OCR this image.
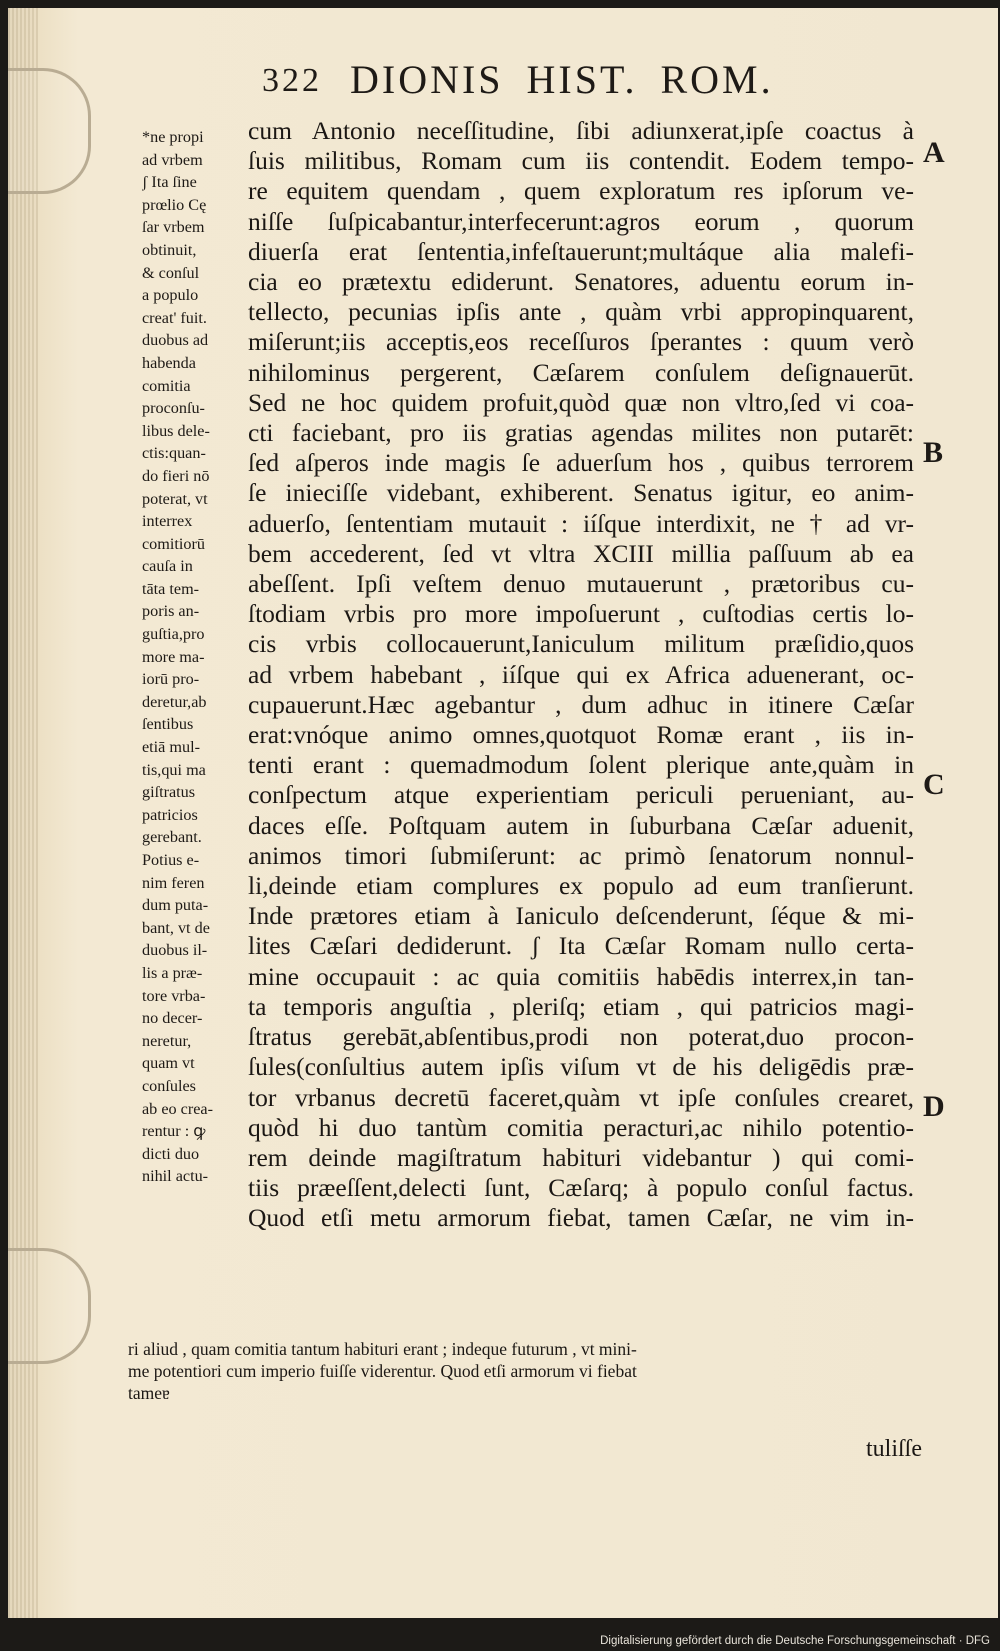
322 DIONIS HIST. ROM.
*ne propi
ad vrbem
ʃ Ita ſine
prœlio Cę
ſar vrbem
obtinuit,
& conſul
a populo
creat' fuit.
duobus ad
habenda
comitia
proconſu-
libus dele-
ctis:quan-
do fieri nō
poterat, vt
interrex
comitiorū
cauſa in
tāta tem-
poris an-
guſtia,pro
more ma-
iorū pro-
deretur,ab
ſentibus
etiā mul-
tis,qui ma
giſtratus
patricios
gerebant.
Potius e-
nim feren
dum puta-
bant, vt de
duobus il-
lis a præ-
tore vrba-
no decer-
neretur,
quam vt
conſules
ab eo crea-
rentur : ꝙ
dicti duo
nihil actu-
cum Antonio neceſſitudine, ſibi adiunxerat,ipſe coactus à
ſuis militibus, Romam cum iis contendit. Eodem tempo-
re equitem quendam , quem exploratum res ipſorum ve-
niſſe ſuſpicabantur,interfecerunt:agros eorum , quorum
diuerſa erat ſententia,infeſtauerunt;multáque alia malefi-
cia eo prætextu ediderunt. Senatores, aduentu eorum in-
tellecto, pecunias ipſis ante , quàm vrbi appropinquarent,
miſerunt;iis acceptis,eos receſſuros ſperantes : quum verò
nihilominus pergerent, Cæſarem conſulem deſignauerūt.
Sed ne hoc quidem profuit,quòd quæ non vltro,ſed vi coa-
cti faciebant, pro iis gratias agendas milites non putarēt:
ſed aſperos inde magis ſe aduerſum hos , quibus terrorem
ſe inieciſſe videbant, exhiberent. Senatus igitur, eo anim-
aduerſo, ſententiam mutauit : iíſque interdixit, ne † ad vr-
bem accederent, ſed vt vltra XCIII millia paſſuum ab ea
abeſſent. Ipſi veſtem denuo mutauerunt , prætoribus cu-
ſtodiam vrbis pro more impoſuerunt , cuſtodias certis lo-
cis vrbis collocauerunt,Ianiculum militum præſidio,quos
ad vrbem habebant , iíſque qui ex Africa aduenerant, oc-
cupauerunt.Hæc agebantur , dum adhuc in itinere Cæſar
erat:vnóque animo omnes,quotquot Romæ erant , iis in-
tenti erant : quemadmodum ſolent plerique ante,quàm in
conſpectum atque experientiam periculi perueniant, au-
daces eſſe. Poſtquam autem in ſuburbana Cæſar aduenit,
animos timori ſubmiſerunt: ac primò ſenatorum nonnul-
li,deinde etiam complures ex populo ad eum tranſierunt.
Inde prætores etiam à Ianiculo deſcenderunt, ſéque & mi-
lites Cæſari dediderunt. ʃ Ita Cæſar Romam nullo certa-
mine occupauit : ac quia comitiis habēdis interrex,in tan-
ta temporis anguſtia , pleriſq; etiam , qui patricios magi-
ſtratus gerebāt,abſentibus,prodi non poterat,duo procon-
ſules(conſultius autem ipſis viſum vt de his deligēdis præ-
tor vrbanus decretū faceret,quàm vt ipſe conſules crearet,
quòd hi duo tantùm comitia peracturi,ac nihilo potentio-
rem deinde magiſtratum habituri videbantur ) qui comi-
tiis præeſſent,delecti ſunt, Cæſarq; à populo conſul factus.
Quod etſi metu armorum fiebat, tamen Cæſar, ne vim in-
ri aliud , quam comitia tantum habituri erant ; indeque futurum , vt mini-
me potentiori cum imperio fuiſſe viderentur. Quod etſi armorum vi fiebat
tameɐ
A
B
C
D
tuliſſe
Digitalisierung gefördert durch die Deutsche Forschungsgemeinschaft · DFG
